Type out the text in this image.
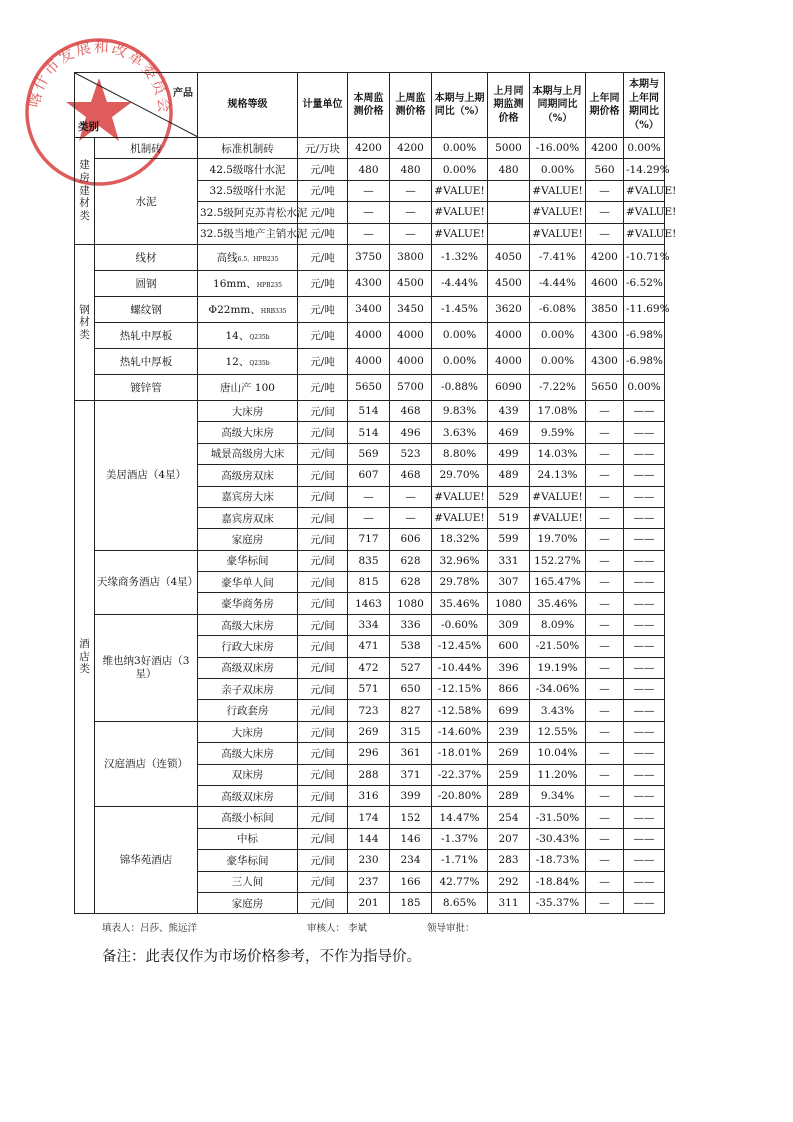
喀什市发展和改革委员会
类别
产品		规格等级	计量单位	本周监测价格	上周监测价格	本期与上期同比（%）	上月同期监测价格	本期与上月同期同比（%）	上年同期价格	本期与上年同期同比（%）
建房建材类	机制砖	标准机制砖	元/万块	4200	4200	0.00%	5000	-16.00%	4200	0.00%
	水泥	42.5级喀什水泥	元/吨	480	480	0.00%	480	0.00%	560	-14.29%
		32.5级喀什水泥	元/吨	—	—	#VALUE!		#VALUE!	—	#VALUE!
		32.5级阿克苏青松水泥	元/吨	—	—	#VALUE!		#VALUE!	—	#VALUE!
		32.5级当地产主销水泥	元/吨	—	—	#VALUE!		#VALUE!	—	#VALUE!
钢材类	线材	高线6.5、HPB235	元/吨	3750	3800	-1.32%	4050	-7.41%	4200	-10.71%
	圆钢	16mm、HPB235	元/吨	4300	4500	-4.44%	4500	-4.44%	4600	-6.52%
	螺纹钢	Φ22mm、HRB335	元/吨	3400	3450	-1.45%	3620	-6.08%	3850	-11.69%
	热轧中厚板	14、Q235b	元/吨	4000	4000	0.00%	4000	0.00%	4300	-6.98%
	热轧中厚板	12、Q235b	元/吨	4000	4000	0.00%	4000	0.00%	4300	-6.98%
	镀锌管	唐山产 100	元/吨	5650	5700	-0.88%	6090	-7.22%	5650	0.00%
酒店类	美居酒店（4星）	大床房	元/间	514	468	9.83%	439	17.08%	—	——
		高级大床房	元/间	514	496	3.63%	469	9.59%	—	——
		城景高级房大床	元/间	569	523	8.80%	499	14.03%	—	——
		高级房双床	元/间	607	468	29.70%	489	24.13%	—	——
		嘉宾房大床	元/间	—	—	#VALUE!	529	#VALUE!	—	——
		嘉宾房双床	元/间	—	—	#VALUE!	519	#VALUE!	—	——
		家庭房	元/间	717	606	18.32%	599	19.70%	—	——
	天缘商务酒店（4星）	豪华标间	元/间	835	628	32.96%	331	152.27%	—	——
		豪华单人间	元/间	815	628	29.78%	307	165.47%	—	——
		豪华商务房	元/间	1463	1080	35.46%	1080	35.46%	—	——
	维也纳3好酒店（3星）	高级大床房	元/间	334	336	-0.60%	309	8.09%	—	——
		行政大床房	元/间	471	538	-12.45%	600	-21.50%	—	——
		高级双床房	元/间	472	527	-10.44%	396	19.19%	—	——
		亲子双床房	元/间	571	650	-12.15%	866	-34.06%	—	——
		行政套房	元/间	723	827	-12.58%	699	3.43%	—	——
	汉庭酒店（连锁）	大床房	元/间	269	315	-14.60%	239	12.55%	—	——
		高级大床房	元/间	296	361	-18.01%	269	10.04%	—	——
		双床房	元/间	288	371	-22.37%	259	11.20%	—	——
		高级双床房	元/间	316	399	-20.80%	289	9.34%	—	——
	锦华苑酒店	高级小标间	元/间	174	152	14.47%	254	-31.50%	—	——
		中标	元/间	144	146	-1.37%	207	-30.43%	—	——
		豪华标间	元/间	230	234	-1.71%	283	-18.73%	—	——
		三人间	元/间	237	166	42.77%	292	-18.84%	—	——
		家庭房	元/间	201	185	8.65%	311	-35.37%	—	——
填表人：吕莎、熊远洋	审核人： 李斌	领导审批：
备注：此表仅作为市场价格参考，不作为指导价。
